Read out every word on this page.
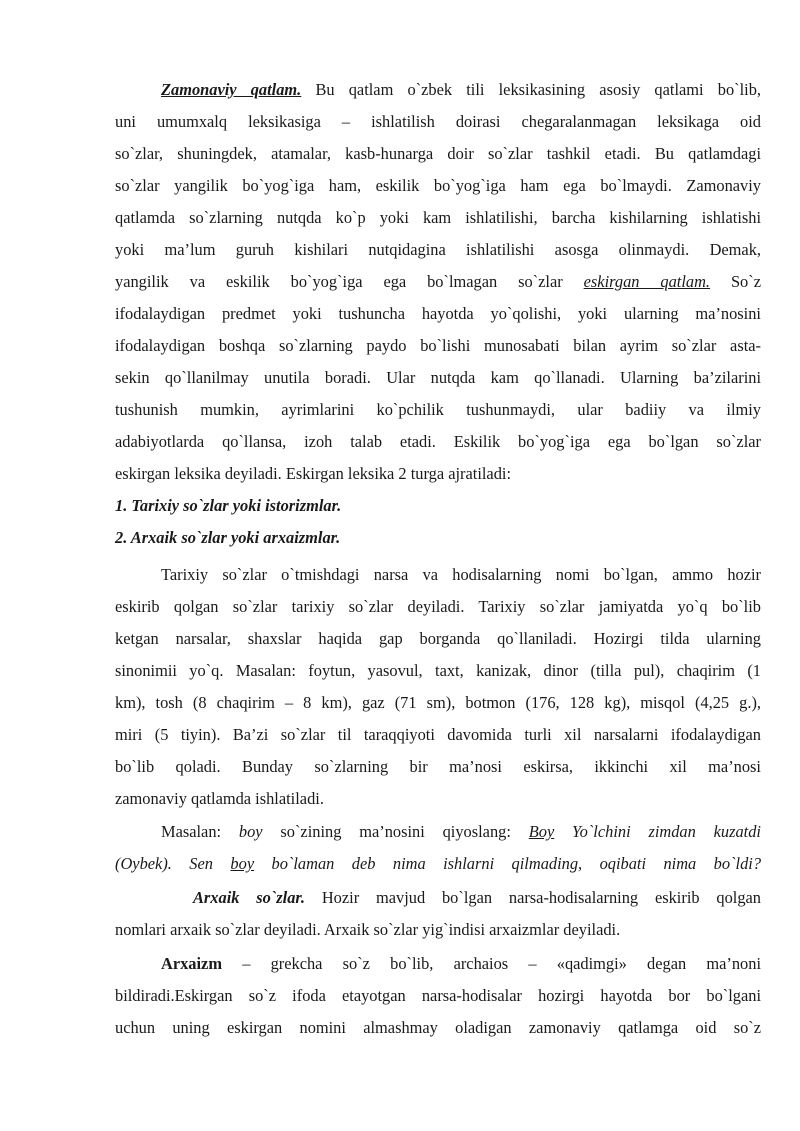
Zamonaviy qatlam. Bu qatlam o`zbek tili leksikasining asosiy qatlami bo`lib,
uni umumxalq leksikasiga – ishlatilish doirasi chegaralanmagan leksikaga oid
so`zlar, shuningdek, atamalar, kasb-hunarga doir so`zlar tashkil etadi. Bu qatlamdagi
so`zlar yangilik bo`yog`iga ham, eskilik bo`yog`iga ham ega bo`lmaydi. Zamonaviy
qatlamda so`zlarning nutqda ko`p yoki kam ishlatilishi, barcha kishilarning ishlatishi
yoki ma’lum guruh kishilari nutqidagina ishlatilishi asosga olinmaydi. Demak,
yangilik va eskilik bo`yog`iga ega bo`lmagan so`zlar eskirgan qatlam. So`z
ifodalaydigan predmet yoki tushuncha hayotda yo`qolishi, yoki ularning ma’nosini
ifodalaydigan boshqa so`zlarning paydo bo`lishi munosabati bilan ayrim so`zlar asta-
sekin qo`llanilmay unutila boradi. Ular nutqda kam qo`llanadi. Ularning ba’zilarini
tushunish mumkin, ayrimlarini ko`pchilik tushunmaydi, ular badiiy va ilmiy
adabiyotlarda qo`llansa, izoh talab etadi. Eskilik bo`yog`iga ega bo`lgan so`zlar
eskirgan leksika deyiladi. Eskirgan leksika 2 turga ajratiladi:
1. Tarixiy so`zlar yoki istorizmlar.
2. Arxaik so`zlar yoki arxaizmlar.
Tarixiy so`zlar o`tmishdagi narsa va hodisalarning nomi bo`lgan, ammo hozir
eskirib qolgan so`zlar tarixiy so`zlar deyiladi. Tarixiy so`zlar jamiyatda yo`q bo`lib
ketgan narsalar, shaxslar haqida gap borganda qo`llaniladi. Hozirgi tilda ularning
sinonimii yo`q. Masalan: foytun, yasovul, taxt, kanizak, dinor (tilla pul), chaqirim (1
km), tosh (8 chaqirim – 8 km), gaz (71 sm), botmon (176, 128 kg), misqol (4,25 g.),
miri (5 tiyin). Ba’zi so`zlar til taraqqiyoti davomida turli xil narsalarni ifodalaydigan
bo`lib qoladi. Bunday so`zlarning bir ma’nosi eskirsa, ikkinchi xil ma’nosi
zamonaviy qatlamda ishlatiladi.
Masalan: boy so`zining ma’nosini qiyoslang: Boy Yo`lchini zimdan kuzatdi
(Oybek). Sen boy bo`laman deb nima ishlarni qilmading, oqibati nima bo`ldi?
Arxaik so`zlar. Hozir mavjud bo`lgan narsa-hodisalarning eskirib qolgan
nomlari arxaik so`zlar deyiladi. Arxaik so`zlar yig`indisi arxaizmlar deyiladi.
Arxaizm – grekcha so`z bo`lib, archaios – «qadimgi» degan ma’noni
bildiradi.Eskirgan so`z ifoda etayotgan narsa-hodisalar hozirgi hayotda bor bo`lgani
uchun uning eskirgan nomini almashmay oladigan zamonaviy qatlamga oid so`z
